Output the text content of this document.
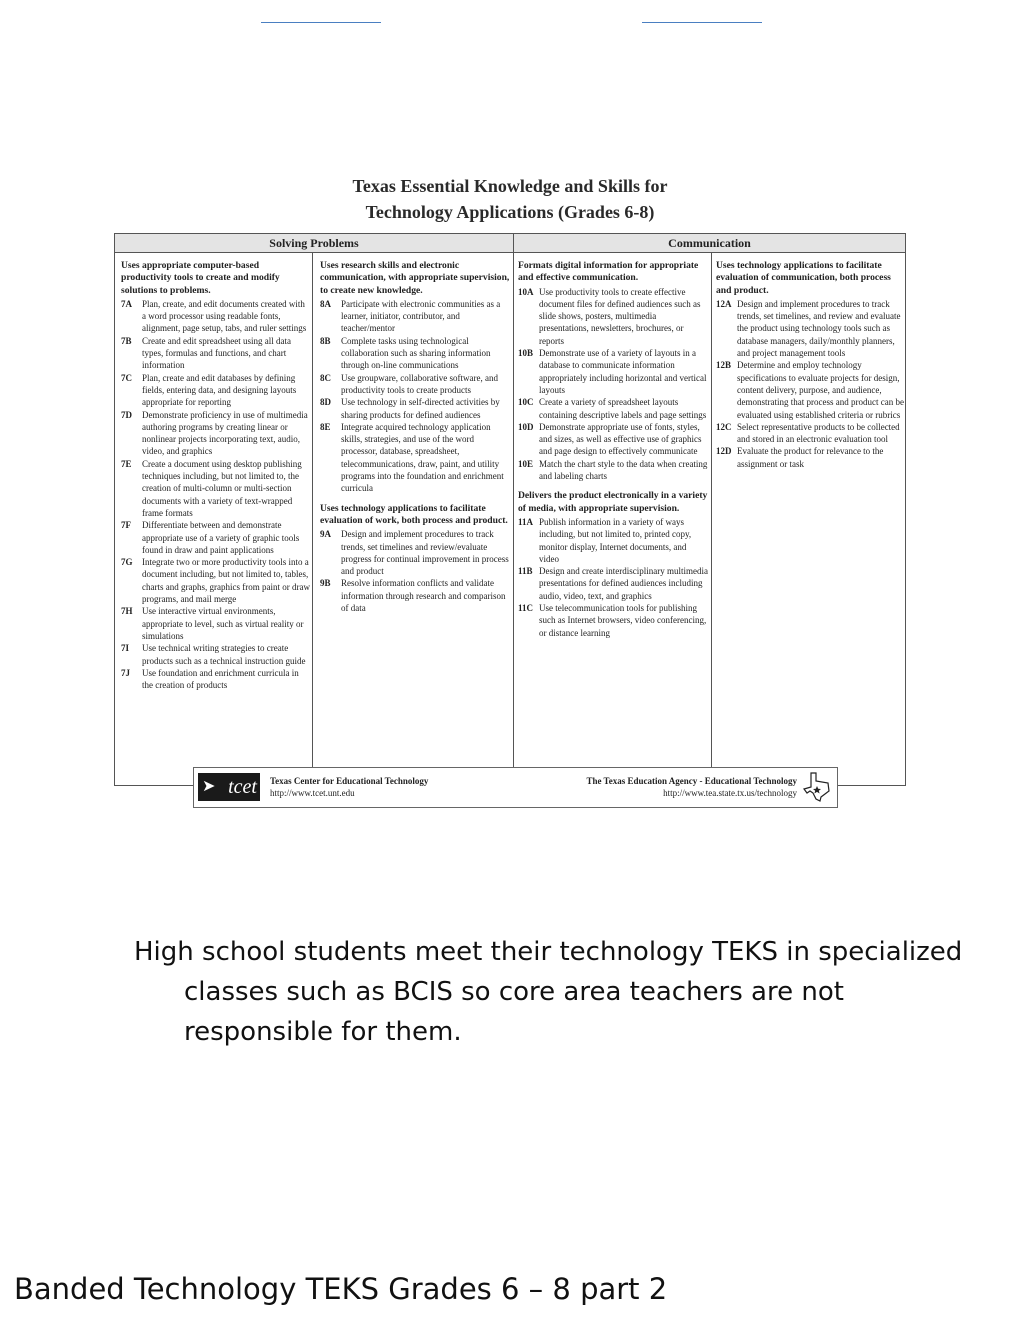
Texas Essential Knowledge and Skills for
Technology Applications (Grades 6-8)
Solving Problems	Communication
Uses appropriate computer-based productivity tools to create and modify solutions to problems.
7A	Plan, create, and edit documents created with a word processor using readable fonts, alignment, page setup, tabs, and ruler settings
7B	Create and edit spreadsheet using all data types, formulas and functions, and chart information
7C	Plan, create and edit databases by defining fields, entering data, and designing layouts appropriate for reporting
7D	Demonstrate proficiency in use of multimedia authoring programs by creating linear or nonlinear projects incorporating text, audio, video, and graphics
7E	Create a document using desktop publishing techniques including, but not limited to, the creation of multi-column or multi-section documents with a variety of text-wrapped frame formats
7F	Differentiate between and demonstrate appropriate use of a variety of graphic tools found in draw and paint applications
7G	Integrate two or more productivity tools into a document including, but not limited to, tables, charts and graphs, graphics from paint or draw programs, and mail merge
7H	Use interactive virtual environments, appropriate to level, such as virtual reality or simulations
7I	Use technical writing strategies to create products such as a technical instruction guide
7J	Use foundation and enrichment curricula in the creation of products
Uses research skills and electronic communication, with appropriate supervision, to create new knowledge.
8A	Participate with electronic communities as a learner, initiator, contributor, and teacher/mentor
8B	Complete tasks using technological collaboration such as sharing information through on-line communications
8C	Use groupware, collaborative software, and productivity tools to create products
8D	Use technology in self-directed activities by sharing products for defined audiences
8E	Integrate acquired technology application skills, strategies, and use of the word processor, database, spreadsheet, telecommunications, draw, paint, and utility programs into the foundation and enrichment curricula
Uses technology applications to facilitate evaluation of work, both process and product.
9A	Design and implement procedures to track trends, set timelines and review/evaluate progress for continual improvement in process and product
9B	Resolve information conflicts and validate information through research and comparison of data
Formats digital information for appropriate and effective communication.
10A Use productivity tools to create effective document files for defined audiences such as slide shows, posters, multimedia presentations, newsletters, brochures, or reports
10B Demonstrate use of a variety of layouts in a database to communicate information appropriately including horizontal and vertical layouts
10C Create a variety of spreadsheet layouts containing descriptive labels and page settings
10D Demonstrate appropriate use of fonts, styles, and sizes, as well as effective use of graphics and page design to effectively communicate
10E Match the chart style to the data when creating and labeling charts
Delivers the product electronically in a variety of media, with appropriate supervision.
11A Publish information in a variety of ways including, but not limited to, printed copy, monitor display, Internet documents, and video
11B Design and create interdisciplinary multimedia presentations for defined audiences including audio, video, text, and graphics
11C Use telecommunication tools for publishing such as Internet browsers, video conferencing, or distance learning
Uses technology applications to facilitate evaluation of communication, both process and product.
12A Design and implement procedures to track trends, set timelines, and review and evaluate the product using technology tools such as database managers, daily/monthly planners, and project management tools
12B Determine and employ technology specifications to evaluate projects for design, content delivery, purpose, and audience, demonstrating that process and product can be evaluated using established criteria or rubrics
12C Select representative products to be collected and stored in an electronic evaluation tool
12D Evaluate the product for relevance to the assignment or task
➤ tcet	Texas Center for Educational Technology
http://www.tcet.unt.edu
The Texas Education Agency - Educational Technology
http://www.tea.state.tx.us/technology
High school students meet their technology TEKS in specialized classes such as BCIS so core area teachers are not responsible for them.
Banded Technology TEKS Grades 6 – 8 part 2
